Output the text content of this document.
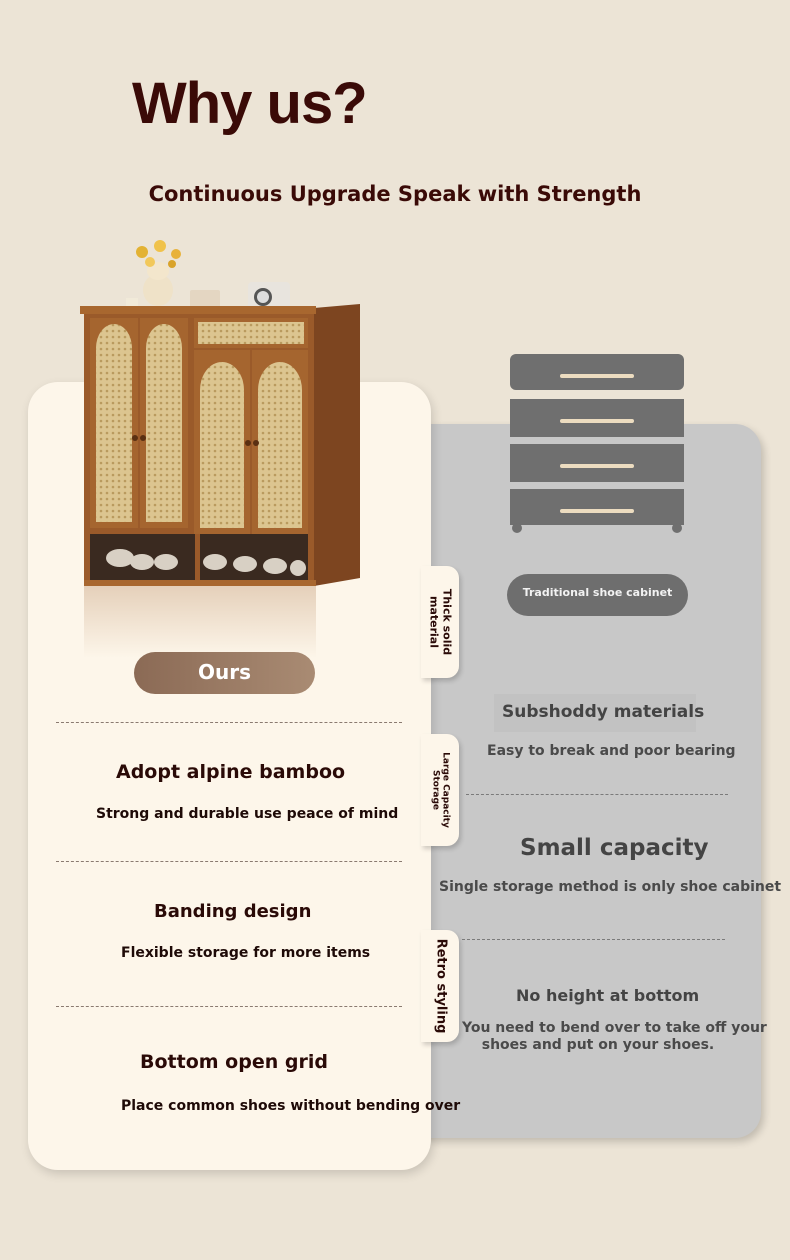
Why us?
Continuous Upgrade Speak with Strength
Ours
Traditional shoe cabinet
Thick solid
material
Large Capacity
Storage
Retro styling
Adopt alpine bamboo
Strong and durable use peace of mind
Banding design
Flexible storage for more items
Bottom open grid
Place common shoes without bending over
Subshoddy materials
Easy to break and poor bearing
Small capacity
Single storage method is only shoe cabinet
No height at bottom
You need to bend over to take off your
shoes and put on your shoes.
